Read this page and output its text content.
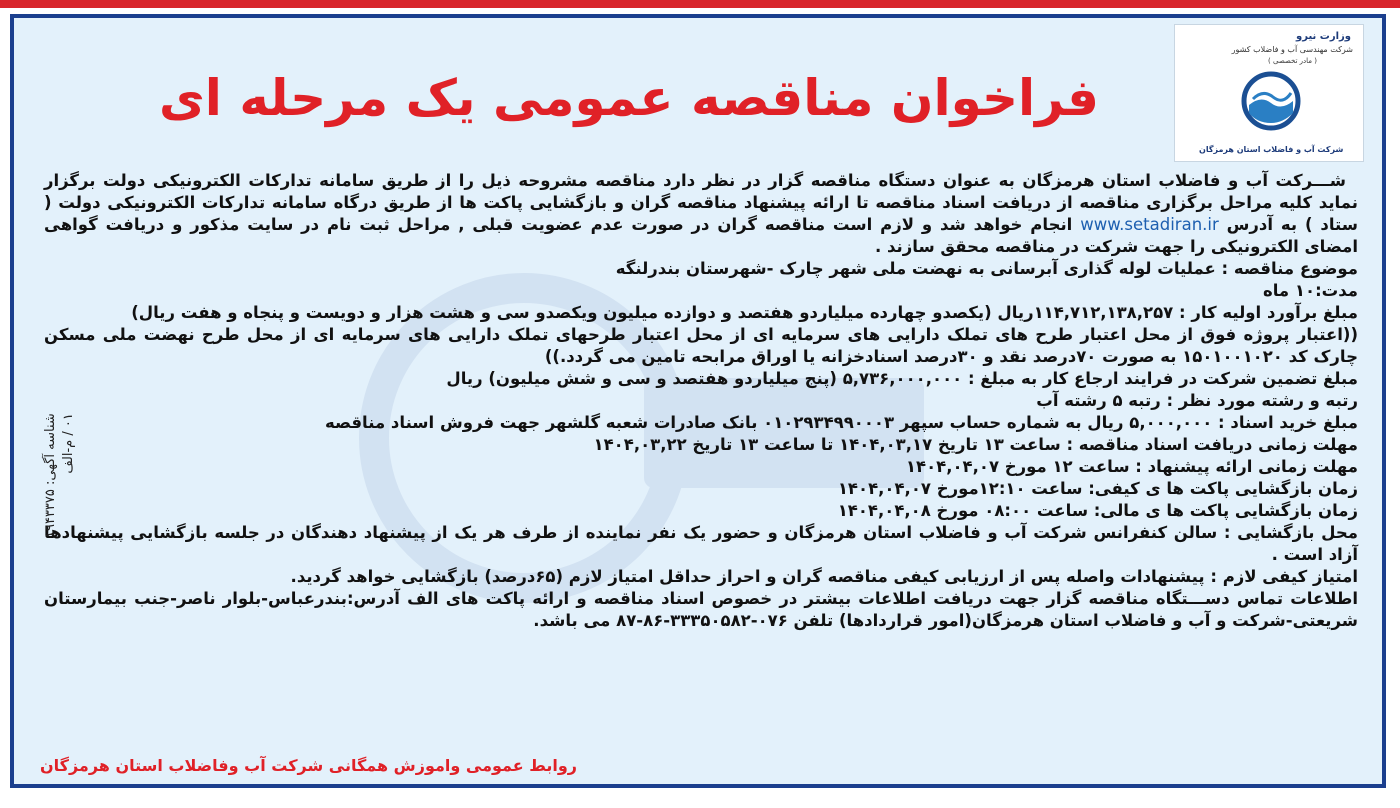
وزارت نیرو
شرکت مهندسی آب و فاضلاب کشور
( مادر تخصصی )
شرکت آب و فاضلاب استان هرمزگان
فراخوان مناقصه عمومی یک مرحله ای

شـــرکت آب و فاضلاب استان هرمزگان به عنوان دستگاه مناقصه گزار در نظر دارد مناقصه مشروحه ذیل را از طریق سامانه تدارکات الکترونیکی دولت برگزار نماید کلیه مراحل برگزاری مناقصه از دریافت اسناد مناقصه تا ارائه پیشنهاد مناقصه گران و بازگشایی پاکت ها از طریق درگاه سامانه تدارکات الکترونیکی دولت ( ستاد ) به آدرس www.setadiran.ir انجام خواهد شد و لازم است مناقصه گران در صورت عدم عضویت قبلی , مراحل ثبت نام در سایت مذکور و دریافت گواهی امضای الکترونیکی را جهت شرکت در مناقصه محقق سازند .

موضوع مناقصه : عملیات لوله گذاری آبرسانی به نهضت ملی شهر چارک -شهرستان بندرلنگه

مدت:۱۰ ماه

مبلغ برآورد اولیه کار : ۱۱۴,۷۱۲,۱۳۸,۲۵۷ریال (یکصدو چهارده میلیاردو هفتصد و دوازده میلیون ویکصدو سی و هشت هزار و دویست و پنجاه و هفت ریال)

((اعتبار پروژه فوق از محل اعتبار طرح های تملک دارایی های سرمایه ای از محل اعتبار طرحهای تملک دارایی های سرمایه ای از محل طرح نهضت ملی مسکن چارک کد ۱۵۰۱۰۰۱۰۲۰ به صورت ۷۰درصد نقد و ۳۰درصد اسنادخزانه یا اوراق مرابحه تامین می گردد.))

مبلغ تضمین شرکت در فرایند ارجاع کار به مبلغ : ۵,۷۳۶,۰۰۰,۰۰۰ (پنج میلیاردو هفتصد و سی و شش میلیون) ریال

رتبه و رشته مورد نظر : رتبه ۵ رشته آب

مبلغ خرید اسناد : ۵,۰۰۰,۰۰۰ ریال به شماره حساب سپهر ۰۱۰۲۹۳۴۹۹۰۰۰۳ بانک صادرات شعبه گلشهر جهت فروش اسناد مناقصه

مهلت زمانی دریافت اسناد مناقصه : ساعت ۱۳ تاریخ ۱۴۰۴,۰۳,۱۷ تا ساعت ۱۳ تاریخ ۱۴۰۴,۰۳,۲۲

مهلت زمانی ارائه پیشنهاد : ساعت ۱۲ مورخ ۱۴۰۴,۰۴,۰۷

زمان بازگشایی پاکت ها ی کیفی: ساعت ۱۲:۱۰مورخ ۱۴۰۴,۰۴,۰۷

زمان بازگشایی پاکت ها ی مالی: ساعت ۰۸:۰۰ مورخ ۱۴۰۴,۰۴,۰۸

محل بازگشایی : سالن کنفرانس شرکت آب و فاضلاب استان هرمزگان و حضور یک نفر نماینده از طرف هر یک از پیشنهاد دهندگان در جلسه بازگشایی پیشنهادها آزاد است .

امتیاز کیفی لازم : پیشنهادات واصله پس از ارزیابی کیفی مناقصه گران و احراز حداقل امتیاز لازم (۶۵درصد) بازگشایی خواهد گردید.

اطلاعات تماس دســـتگاه مناقصه گزار جهت دریافت اطلاعات بیشتر در خصوص اسناد مناقصه و ارائه پاکت های الف آدرس:بندرعباس-بلوار ناصر-جنب بیمارستان شریعتی-شرکت و آب و فاضلاب استان هرمزگان(امور قراردادها) تلفن ۰۷۶-۳۳۳۵۰۵۸۲-۸۶-۸۷ می باشد.

روابط عمومی واموزش همگانی شرکت آب وفاضلاب استان هرمزگان
شناسه آگهی: ۱۹۴۳۳۷۵ ۰۱ / م-الف
